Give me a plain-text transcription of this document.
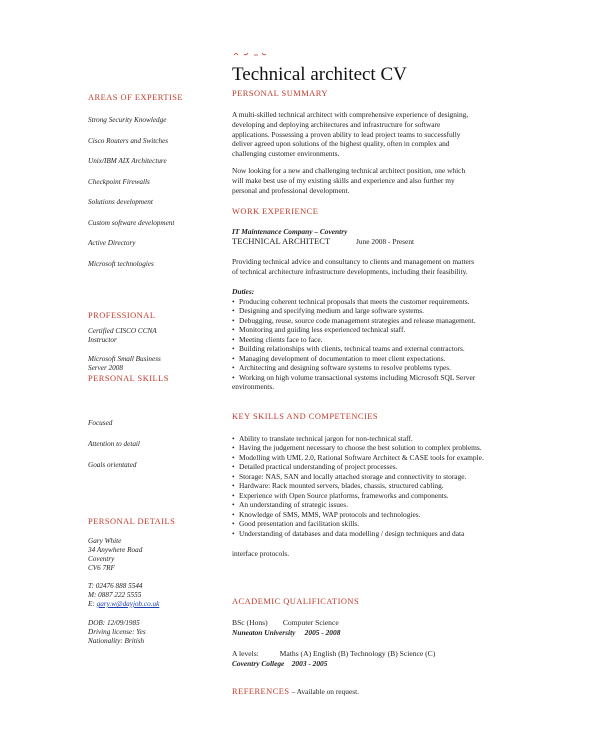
Technical architect CV
AREAS OF EXPERTISE
Strong Security Knowledge
Cisco Routers and Switches
Unix/IBM AIX Architecture
Checkpoint Firewalls
Solutions development
Custom software development
Active Directory
Microsoft technologies
PROFESSIONAL
Certified CISCO CCNA
Instructor
Microsoft Small Business
Server 2008
PERSONAL SKILLS
Focused
Attention to detail
Goals orientated
PERSONAL DETAILS
Gary White
34 Anywhere Road
Coventry
CV6 7RF
T: 02476 888 5544
M: 0887 222 5555
E: gary.w@dayjob.co.uk
DOB: 12/09/1985
Driving license: Yes
Nationality: British
PERSONAL SUMMARY
A multi-skilled technical architect with comprehensive experience of designing,
developing and deploying architectures and infrastructure for software
applications. Possessing a proven ability to lead project teams to successfully
deliver agreed upon solutions of the highest quality, often in complex and
challenging customer environments.
Now looking for a new and challenging technical architect position, one which
will make best use of my existing skills and experience and also further my
personal and professional development.
WORK EXPERIENCE
IT Maintenance Company – Coventry
TECHNICAL ARCHITECT	June 2008 - Present
Providing technical advice and consultancy to clients and management on matters
of technical architecture infrastructure developments, including their feasibility.
Duties:
• Producing coherent technical proposals that meets the customer requirements.
• Designing and specifying medium and large software systems.
• Debugging, reuse, source code management strategies and release management.
• Monitoring and guiding less experienced technical staff.
• Meeting clients face to face.
• Building relationships with clients, technical teams and external contractors.
• Managing development of documentation to meet client expectations.
• Architecting and designing software systems to resolve problems types.
• Working on high volume transactional systems including Microsoft SQL Server
environments.
KEY SKILLS AND COMPETENCIES
• Ability to translate technical jargon for non-technical staff.
• Having the judgement necessary to choose the best solution to complex problems.
• Modelling with UML 2.0, Rational Software Architect & CASE tools for example.
• Detailed practical understanding of project processes.
• Storage: NAS, SAN and locally attached storage and connectivity to storage.
• Hardware: Rack mounted servers, blades, chassis, structured cabling.
• Experience with Open Source platforms, frameworks and components.
• An understanding of strategic issues.
• Knowledge of SMS, MMS, WAP protocols and technologies.
• Good presentation and facilitation skills.
• Understanding of databases and data modelling / design techniques and data
interface protocols.
ACADEMIC QUALIFICATIONS
BSc (Hons)        Computer Science
Nuneaton University     2005 - 2008
A levels:           Maths (A) English (B) Technology (B) Science (C)
Coventry College    2003 - 2005
REFERENCES – Available on request.
